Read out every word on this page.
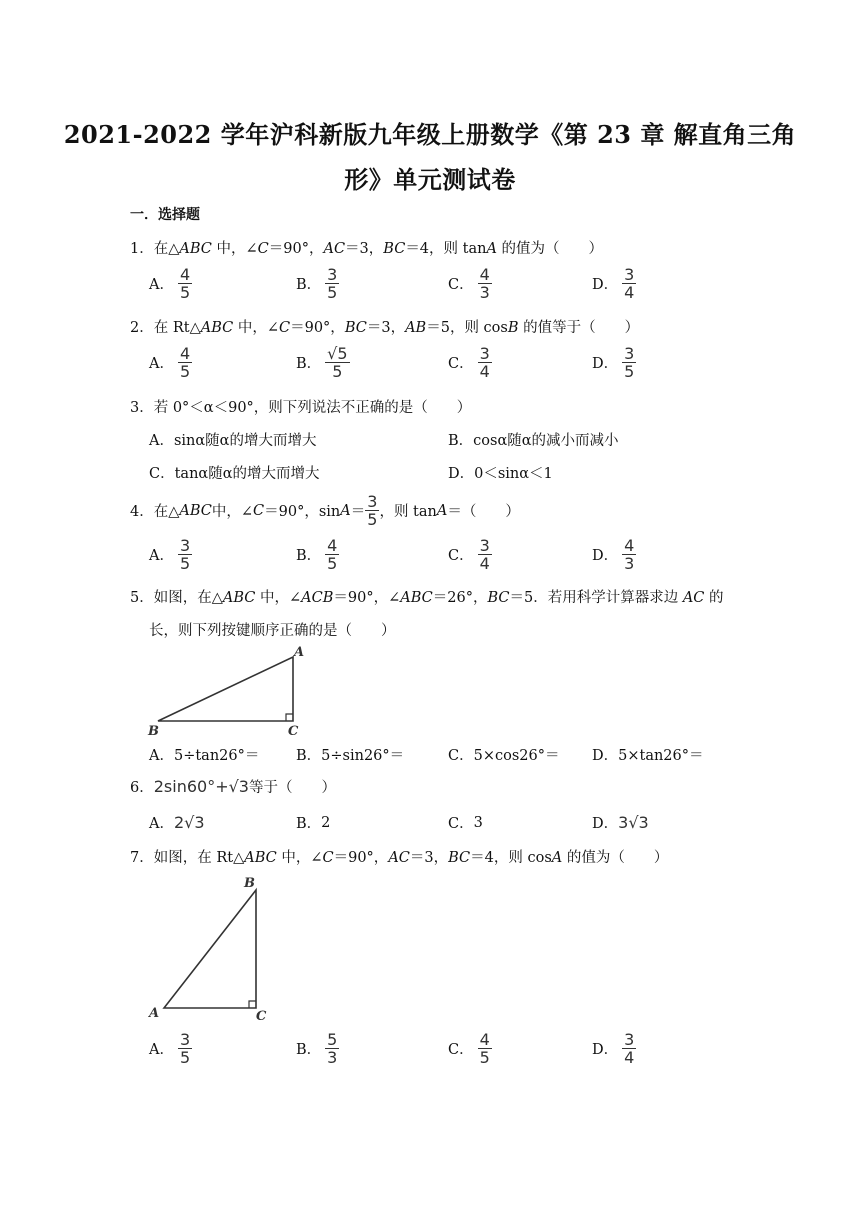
2021-2022 学年沪科新版九年级上册数学《第 23 章 解直角三角
形》单元测试卷
一．选择题
1．在△ABC 中，∠C＝90°，AC＝3，BC＝4，则 tanA 的值为（　　）
A． $\frac{4}{5}$	B． $\frac{3}{5}$	C． $\frac{4}{3}$	D． $\frac{3}{4}$
2．在 Rt△ABC 中，∠C＝90°，BC＝3，AB＝5，则 cosB 的值等于（　　）
A． $\frac{4}{5}$	B． $\frac{√5}{5}$	C． $\frac{3}{4}$	D． $\frac{3}{5}$
3．若 0°＜α＜90°，则下列说法不正确的是（　　）
A．sinα随α的增大而增大	B．cosα随α的减小而减小
C．tanα随α的增大而增大	D．0＜sinα＜1
4．在△ ABC 中，∠ C ＝90°，$\sin A = \frac{3}{5}$ ，则 tan A ＝（　　）
A． $\frac{3}{5}$	B． $\frac{4}{5}$	C． $\frac{3}{4}$	D． $\frac{4}{3}$
5．如图，在△ABC 中，∠ACB＝90°，∠ABC＝26°，BC＝5．若用科学计算器求边 AC 的
长，则下列按键顺序正确的是（　　）
A
B	C
A．5÷tan26°＝	B．5÷sin26°＝	C．5×cos26°＝ D．5×tan26°＝
6．2sin60°+√3等于（　　）
A． 2√3	B． 2	C． 3	D． 3√3
7．如图，在 Rt△ABC 中，∠C＝90°，AC＝3，BC＝4，则 cosA 的值为（　　）
B
A	C
A． $\frac{3}{5}$	B． $\frac{5}{3}$	C． $\frac{4}{5}$	D． $\frac{3}{4}$
